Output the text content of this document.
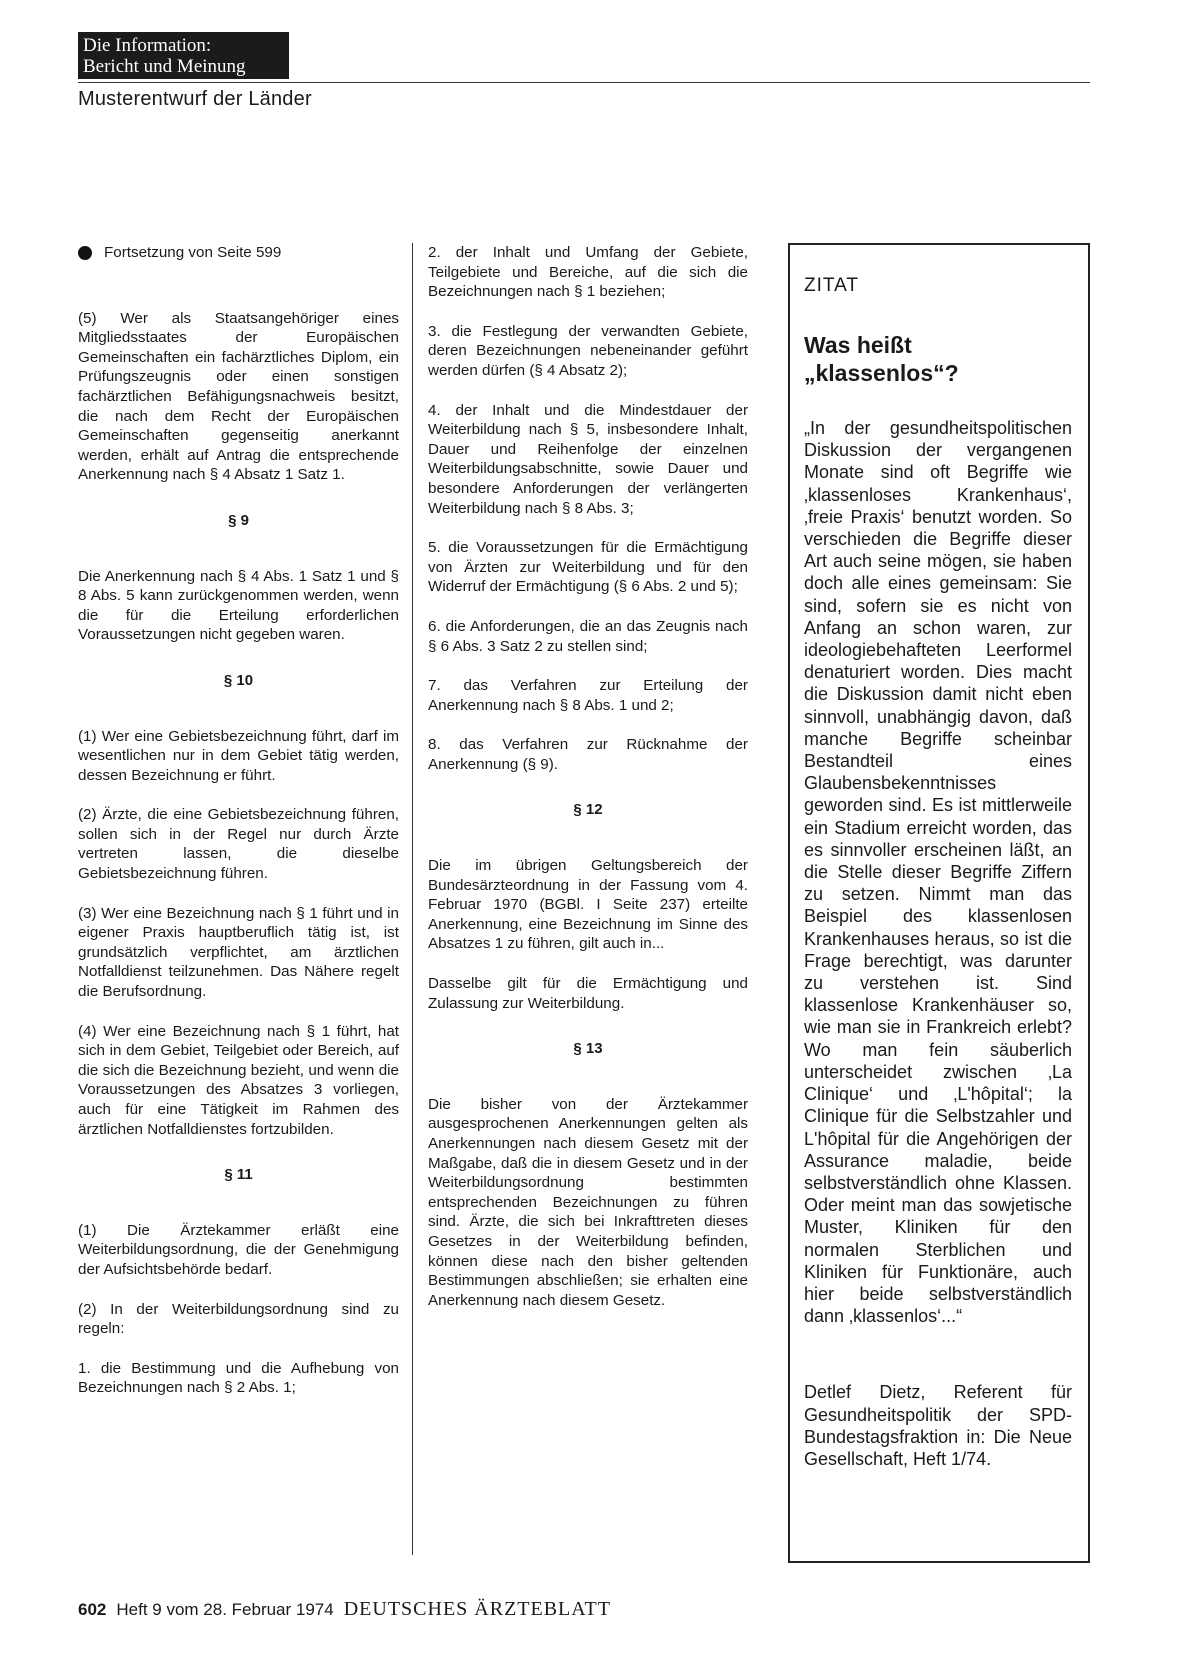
Die Information:
Bericht und Meinung
Musterentwurf der Länder
Fortsetzung von Seite 599

(5) Wer als Staatsangehöriger eines Mitgliedsstaates der Europäischen Gemeinschaften ein fachärztliches Diplom, ein Prüfungszeugnis oder einen sonstigen fachärztlichen Befähigungsnachweis besitzt, die nach dem Recht der Europäischen Gemeinschaften gegenseitig anerkannt werden, erhält auf Antrag die entsprechende Anerkennung nach § 4 Absatz 1 Satz 1.

§ 9

Die Anerkennung nach § 4 Abs. 1 Satz 1 und § 8 Abs. 5 kann zurückgenommen werden, wenn die für die Erteilung erforderlichen Voraussetzungen nicht gegeben waren.

§ 10

(1) Wer eine Gebietsbezeichnung führt, darf im wesentlichen nur in dem Gebiet tätig werden, dessen Bezeichnung er führt.

(2) Ärzte, die eine Gebietsbezeichnung führen, sollen sich in der Regel nur durch Ärzte vertreten lassen, die dieselbe Gebietsbezeichnung führen.

(3) Wer eine Bezeichnung nach § 1 führt und in eigener Praxis hauptberuflich tätig ist, ist grundsätzlich verpflichtet, am ärztlichen Notfalldienst teilzunehmen. Das Nähere regelt die Berufsordnung.

(4) Wer eine Bezeichnung nach § 1 führt, hat sich in dem Gebiet, Teilgebiet oder Bereich, auf die sich die Bezeichnung bezieht, und wenn die Voraussetzungen des Absatzes 3 vorliegen, auch für eine Tätigkeit im Rahmen des ärztlichen Notfalldienstes fortzubilden.

§ 11

(1) Die Ärztekammer erläßt eine Weiterbildungsordnung, die der Genehmigung der Aufsichtsbehörde bedarf.

(2) In der Weiterbildungsordnung sind zu regeln:

1. die Bestimmung und die Aufhebung von Bezeichnungen nach § 2 Abs. 1;

2. der Inhalt und Umfang der Gebiete, Teilgebiete und Bereiche, auf die sich die Bezeichnungen nach § 1 beziehen;

3. die Festlegung der verwandten Gebiete, deren Bezeichnungen nebeneinander geführt werden dürfen (§ 4 Absatz 2);

4. der Inhalt und die Mindestdauer der Weiterbildung nach § 5, insbesondere Inhalt, Dauer und Reihenfolge der einzelnen Weiterbildungsabschnitte, sowie Dauer und besondere Anforderungen der verlängerten Weiterbildung nach § 8 Abs. 3;

5. die Voraussetzungen für die Ermächtigung von Ärzten zur Weiterbildung und für den Widerruf der Ermächtigung (§ 6 Abs. 2 und 5);

6. die Anforderungen, die an das Zeugnis nach § 6 Abs. 3 Satz 2 zu stellen sind;

7. das Verfahren zur Erteilung der Anerkennung nach § 8 Abs. 1 und 2;

8. das Verfahren zur Rücknahme der Anerkennung (§ 9).

§ 12

Die im übrigen Geltungsbereich der Bundesärzteordnung in der Fassung vom 4. Februar 1970 (BGBl. I Seite 237) erteilte Anerkennung, eine Bezeichnung im Sinne des Absatzes 1 zu führen, gilt auch in...

Dasselbe gilt für die Ermächtigung und Zulassung zur Weiterbildung.

§ 13

Die bisher von der Ärztekammer ausgesprochenen Anerkennungen gelten als Anerkennungen nach diesem Gesetz mit der Maßgabe, daß die in diesem Gesetz und in der Weiterbildungsordnung bestimmten entsprechenden Bezeichnungen zu führen sind. Ärzte, die sich bei Inkrafttreten dieses Gesetzes in der Weiterbildung befinden, können diese nach den bisher geltenden Bestimmungen abschließen; sie erhalten eine Anerkennung nach diesem Gesetz.

ZITAT
Was heißt
„klassenlos“?
„In der gesundheitspolitischen Diskussion der vergangenen Monate sind oft Begriffe wie ‚klassenloses Krankenhaus‘, ‚freie Praxis‘ benutzt worden. So verschieden die Begriffe dieser Art auch seine mögen, sie haben doch alle eines gemeinsam: Sie sind, sofern sie es nicht von Anfang an schon waren, zur ideologiebehafteten Leerformel denaturiert worden. Dies macht die Diskussion damit nicht eben sinnvoll, unabhängig davon, daß manche Begriffe scheinbar Bestandteil eines Glaubensbekenntnisses geworden sind. Es ist mittlerweile ein Stadium erreicht worden, das es sinnvoller erscheinen läßt, an die Stelle dieser Begriffe Ziffern zu setzen. Nimmt man das Beispiel des klassenlosen Krankenhauses heraus, so ist die Frage berechtigt, was darunter zu verstehen ist. Sind klassenlose Krankenhäuser so, wie man sie in Frankreich erlebt? Wo man fein säuberlich unterscheidet zwischen ‚La Clinique‘ und ‚L'hôpital‘; la Clinique für die Selbstzahler und L'hôpital für die Angehörigen der Assurance maladie, beide selbstverständlich ohne Klassen. Oder meint man das sowjetische Muster, Kliniken für den normalen Sterblichen und Kliniken für Funktionäre, auch hier beide selbstverständlich dann ‚klassenlos‘...“
Detlef Dietz, Referent für Gesundheitspolitik der SPD-Bundestagsfraktion in: Die Neue Gesellschaft, Heft 1/74.
602 Heft 9 vom 28. Februar 1974 DEUTSCHES ÄRZTEBLATT
